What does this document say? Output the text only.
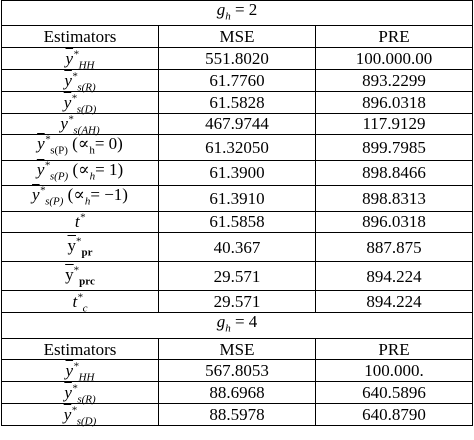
$g_h = 2$		
Estimators	MSE	PRE
$\overline{y}^*_{HH}$	551.8020	100.000.00
$\overline{y}^*_{s(R)}$	61.7760	893.2299
$\overline{y}^*_{s(D)}$	61.5828	896.0318
$\overline{y}^*_{s(AH)}$	467.9744	117.9129
$\overline{y}^*_{s(P)}$ $(\propto_h= 0)$	61.32050	899.7985
$\overline{y}^*_{s(P)}$ $(\propto_h= 1)$	61.3900	898.8466
$\overline{y}^*_{s(P)}$ $(\propto_h= -1)$	61.3910	898.8313
t*	61.5858	896.0318
$\overline{y}^*_{pr}$	40.367	887.875
$\overline{y}^*_{prc}$	29.571	894.224
$t^*_c$	29.571	894.224
$g_h = 4$		
Estimators	MSE	PRE
$\overline{y}^*_{HH}$	567.8053	100.000.
$\overline{y}^*_{s(R)}$	88.6968	640.5896
$\overline{y}^*_{s(D)}$	88.5978	640.8790
